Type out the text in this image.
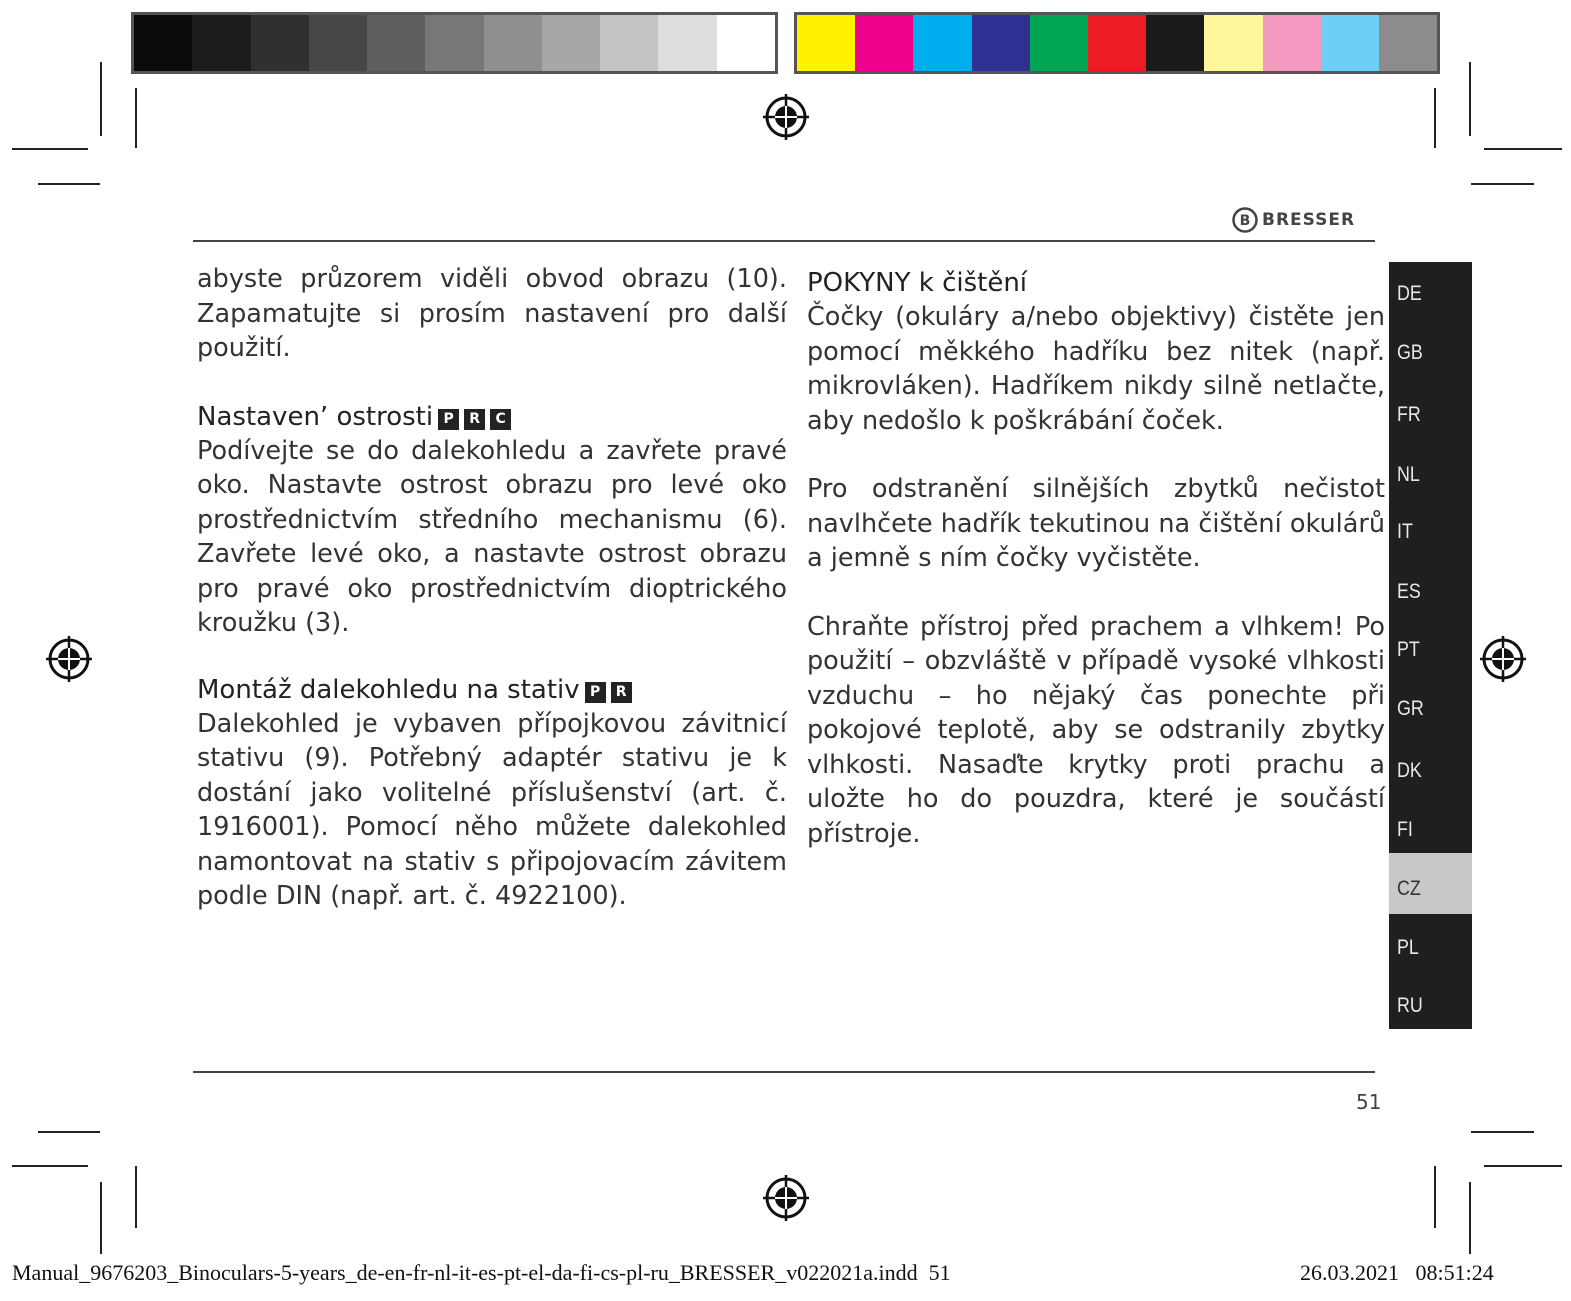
B BRESSER

abyste průzorem viděli obvod obrazu (10). Zapamatujte si prosím nastavení pro další použití.

Nastaven’ ostrosti P R C

Podívejte se do dalekohledu a zavřete pravé oko. Nastavte ostrost obrazu pro levé oko prostřednictvím středního mechanismu (6). Zavřete levé oko, a nastavte ostrost obrazu pro pravé oko prostřednictvím dioptrického kroužku (3).

Montáž dalekohledu na stativ P R

Dalekohled je vybaven přípojkovou závitnicí stativu (9). Potřebný adaptér stativu je k dostání jako volitelné příslušenství (art. č. 1916001). Pomocí něho můžete dalekohled namontovat na stativ s připojovacím závitem podle DIN (např. art. č. 4922100).

POKYNY k čištění

Čočky (okuláry a/nebo objektivy) čistěte jen pomocí měkkého hadříku bez nitek (např. mikrovláken). Hadříkem nikdy silně netlačte, aby nedošlo k poškrábání čoček.

Pro odstranění silnějších zbytků nečistot navlhčete hadřík tekutinou na čištění okulárů a jemně s ním čočky vyčistěte.

Chraňte přístroj před prachem a vlhkem! Po použití – obzvláště v případě vysoké vlhkosti vzduchu – ho nějaký čas ponechte při pokojové teplotě, aby se odstranily zbytky vlhkosti. Nasaďte krytky proti prachu a uložte ho do pouzdra, které je součástí přístroje.

DE
GB
FR
NL
IT
ES
PT
GR
DK
FI
CZ
PL
RU
51
Manual_9676203_Binoculars-5-years_de-en-fr-nl-it-es-pt-el-da-fi-cs-pl-ru_BRESSER_v022021a.indd 51	26.03.2021 08:51:24
